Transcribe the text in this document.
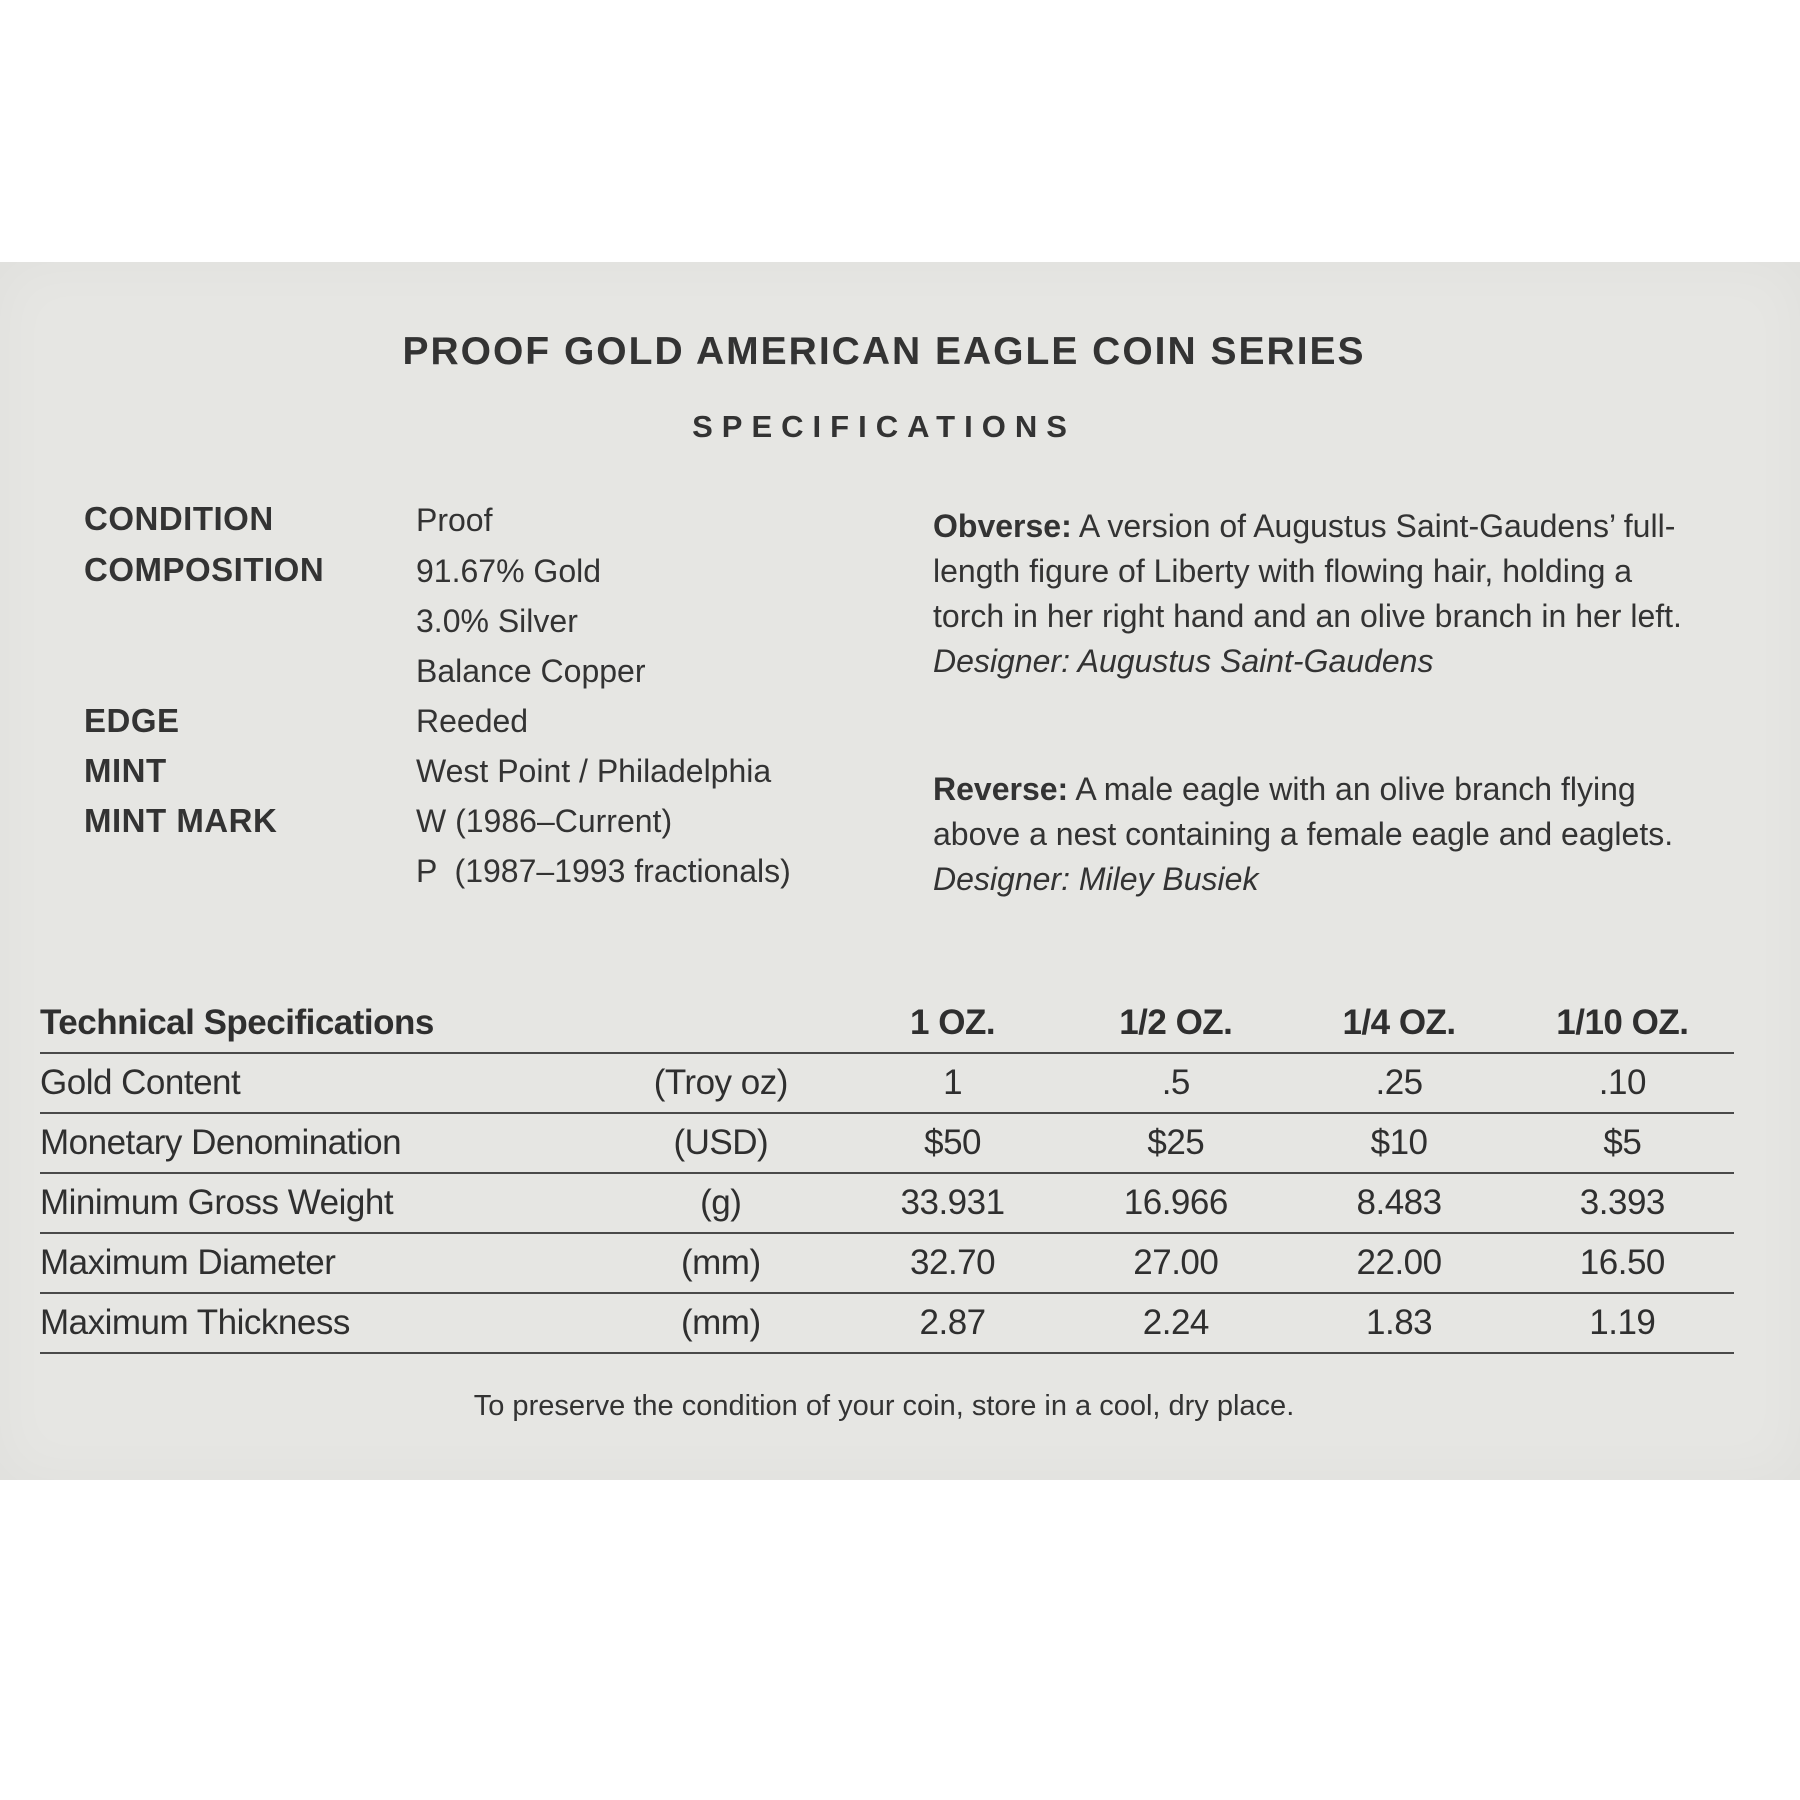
PROOF GOLD AMERICAN EAGLE COIN SERIES
SPECIFICATIONS
CONDITION	Proof
COMPOSITION	91.67% Gold
3.0% Silver
Balance Copper
EDGE	Reeded
MINT	West Point / Philadelphia
MINT MARK	W (1986–Current)
P  (1987–1993 fractionals)
Obverse: A version of Augustus Saint-Gaudens’ full-length figure of Liberty with flowing hair, holding a torch in her right hand and an olive branch in her left.
Designer: Augustus Saint-Gaudens
Reverse: A male eagle with an olive branch flying above a nest containing a female eagle and eaglets. Designer: Miley Busiek
Technical Specifications		1 OZ.	1/2 OZ.	1/4 OZ.	1/10 OZ.
Gold Content	(Troy oz)	1	.5	.25	.10
Monetary Denomination	(USD)	$50	$25	$10	$5
Minimum Gross Weight	(g)	33.931	16.966	8.483	3.393
Maximum Diameter	(mm)	32.70	27.00	22.00	16.50
Maximum Thickness	(mm)	2.87	2.24	1.83	1.19
To preserve the condition of your coin, store in a cool, dry place.
